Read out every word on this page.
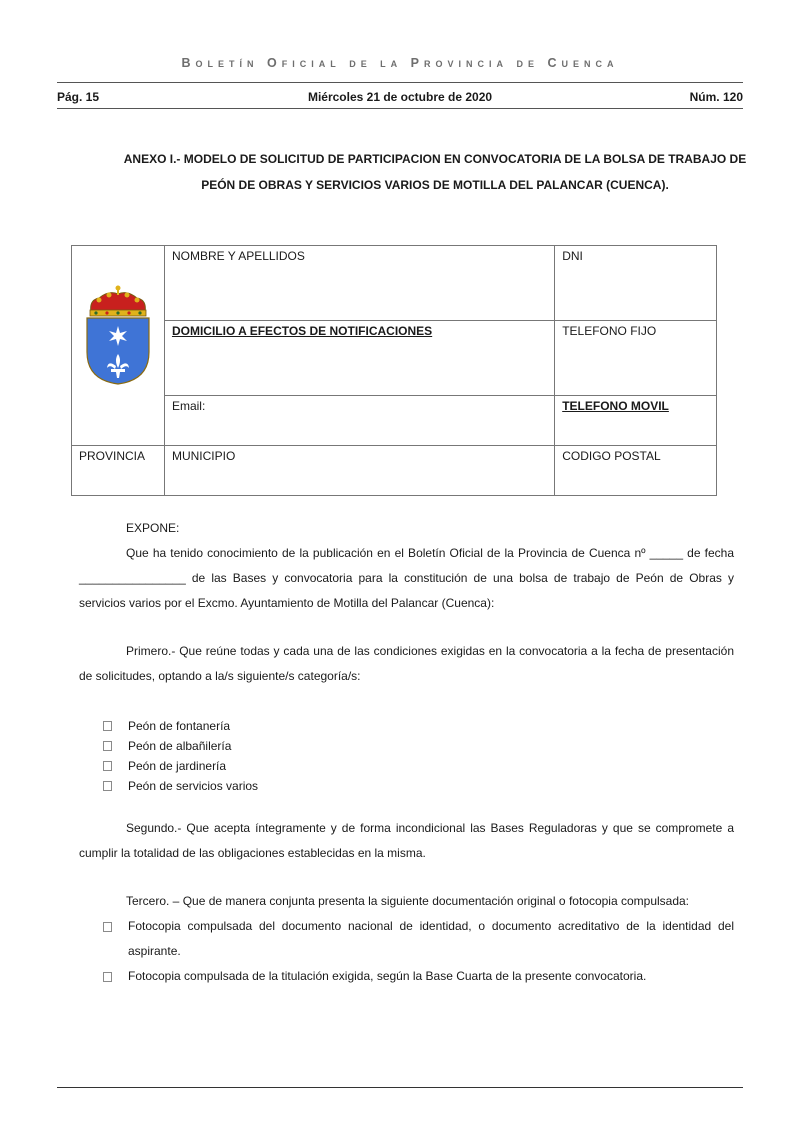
Boletín Oficial de la Provincia de Cuenca
Pág. 15	Miércoles 21 de octubre de 2020	Núm. 120
ANEXO I.- MODELO DE SOLICITUD DE PARTICIPACION EN CONVOCATORIA DE LA BOLSA DE TRABAJO DE
PEÓN DE OBRAS Y SERVICIOS VARIOS DE MOTILLA DEL PALANCAR (CUENCA).
	NOMBRE Y APELLIDOS	DNI
	DOMICILIO A EFECTOS DE NOTIFICACIONES	TELEFONO FIJO
	Email:	TELEFONO MOVIL
PROVINCIA	MUNICIPIO	CODIGO POSTAL
EXPONE:
Que ha tenido conocimiento de la publicación en el Boletín Oficial de la Provincia de Cuenca nº _____ de fecha ________________ de las Bases y convocatoria para la constitución de una bolsa de trabajo de Peón de Obras y servicios varios por el Excmo. Ayuntamiento de Motilla del Palancar (Cuenca):
Primero.- Que reúne todas y cada una de las condiciones exigidas en la convocatoria a la fecha de presentación de solicitudes, optando a la/s siguiente/s categoría/s:
Peón de fontanería
Peón de albañilería
Peón de jardinería
Peón de servicios varios
Segundo.- Que acepta íntegramente y de forma incondicional las Bases Reguladoras y que se compromete a cumplir la totalidad de las obligaciones establecidas en la misma.
Tercero. – Que de manera conjunta presenta la siguiente documentación original o fotocopia compulsada:
Fotocopia compulsada del documento nacional de identidad, o documento acreditativo de la identidad del aspirante.
Fotocopia compulsada de la titulación exigida, según la Base Cuarta de la presente convocatoria.
